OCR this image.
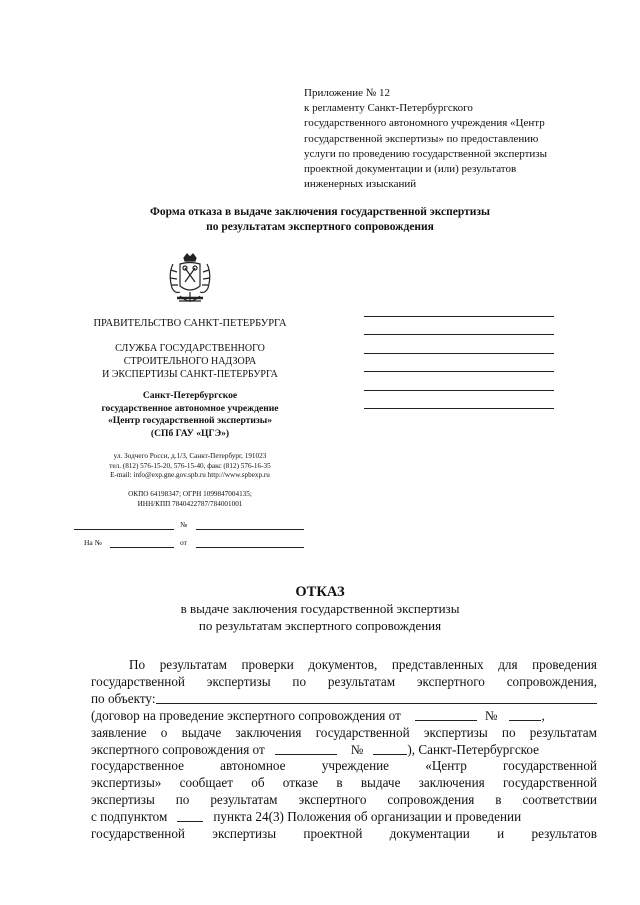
Приложение № 12
к регламенту Санкт-Петербургского
государственного автономного учреждения «Центр
государственной экспертизы» по предоставлению
услуги по проведению государственной экспертизы
проектной документации и (или) результатов
инженерных изысканий
Форма отказа в выдаче заключения государственной экспертизы
по результатам экспертного сопровождения
ПРАВИТЕЛЬСТВО САНКТ-ПЕТЕРБУРГА
СЛУЖБА ГОСУДАРСТВЕННОГО
СТРОИТЕЛЬНОГО НАДЗОРА
И ЭКСПЕРТИЗЫ САНКТ-ПЕТЕРБУРГА
Санкт-Петербургское
государственное автономное учреждение
«Центр государственной экспертизы»
(СПб ГАУ «ЦГЭ»)
ул. Зодчего Росси, д.1/3, Санкт-Петербург, 191023
тел. (812) 576-15-20, 576-15-40, факс (812) 576-16-35
E-mail: info@exp.gne.gov.spb.ru http://www.spbexp.ru
ОКПО 64198347; ОГРН 1099847004135;
ИНН/КПП 7840422787/784001001
№
На №	от
ОТКАЗ
в выдаче заключения государственной экспертизы
по результатам экспертного сопровождения
По результатам проверки документов, представленных для проведения
государственной экспертизы по результатам экспертного сопровождения,
по объекту:
(договор на проведение экспертного сопровождения от	№	,
заявление о выдаче заключения государственной экспертизы по результатам
экспертного сопровождения от	№	), Санкт-Петербургское
государственное	автономное	учреждение	«Центр	государственной
экспертизы» сообщает об отказе в выдаче заключения государственной
экспертизы по результатам экспертного сопровождения в соответствии
с подпунктом	пункта 24(3) Положения об организации и проведении
государственной экспертизы проектной документации и результатов
